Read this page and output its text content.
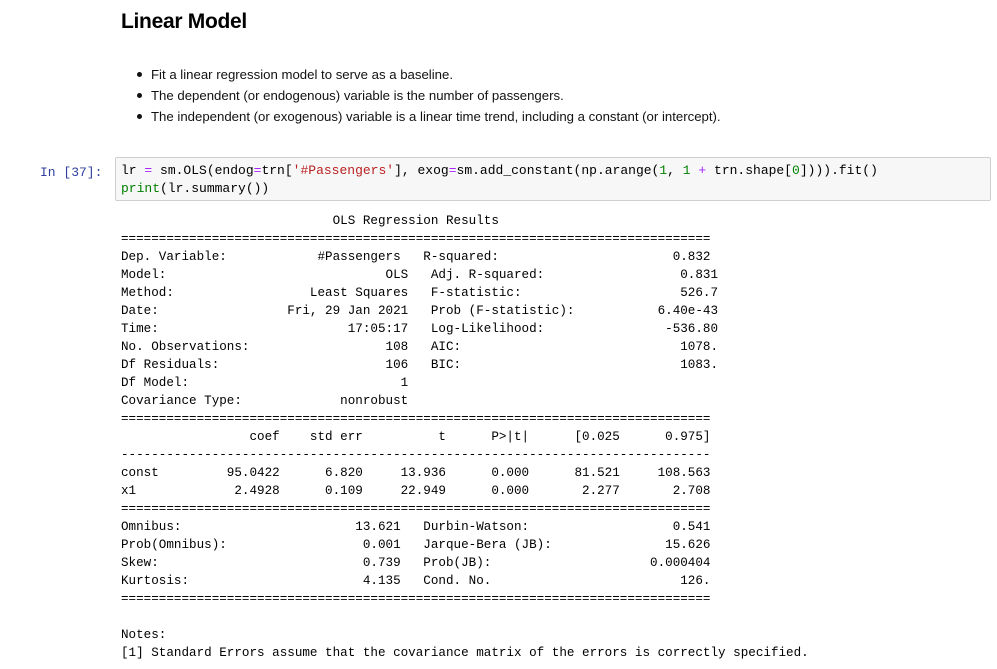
Linear Model
Fit a linear regression model to serve as a baseline.
The dependent (or endogenous) variable is the number of passengers.
The independent (or exogenous) variable is a linear time trend, including a constant (or intercept).
In [37]:	lr = sm.OLS(endog=trn['#Passengers'], exog=sm.add_constant(np.arange(1, 1 + trn.shape[0]))).fit()
print(lr.summary())
OLS Regression Results
==============================================================================
Dep. Variable:            #Passengers   R-squared:                       0.832
Model:                             OLS   Adj. R-squared:                  0.831
Method:                  Least Squares   F-statistic:                     526.7
Date:                 Fri, 29 Jan 2021   Prob (F-statistic):           6.40e-43
Time:                         17:05:17   Log-Likelihood:                -536.80
No. Observations:                  108   AIC:                             1078.
Df Residuals:                      106   BIC:                             1083.
Df Model:                            1
Covariance Type:             nonrobust
==============================================================================
coef    std err          t      P>|t|      [0.025      0.975]
------------------------------------------------------------------------------
const         95.0422      6.820     13.936      0.000      81.521     108.563
x1             2.4928      0.109     22.949      0.000       2.277       2.708
==============================================================================
Omnibus:                       13.621   Durbin-Watson:                   0.541
Prob(Omnibus):                  0.001   Jarque-Bera (JB):               15.626
Skew:                           0.739   Prob(JB):                     0.000404
Kurtosis:                       4.135   Cond. No.                         126.
==============================================================================
Notes:
[1] Standard Errors assume that the covariance matrix of the errors is correctly specified.
